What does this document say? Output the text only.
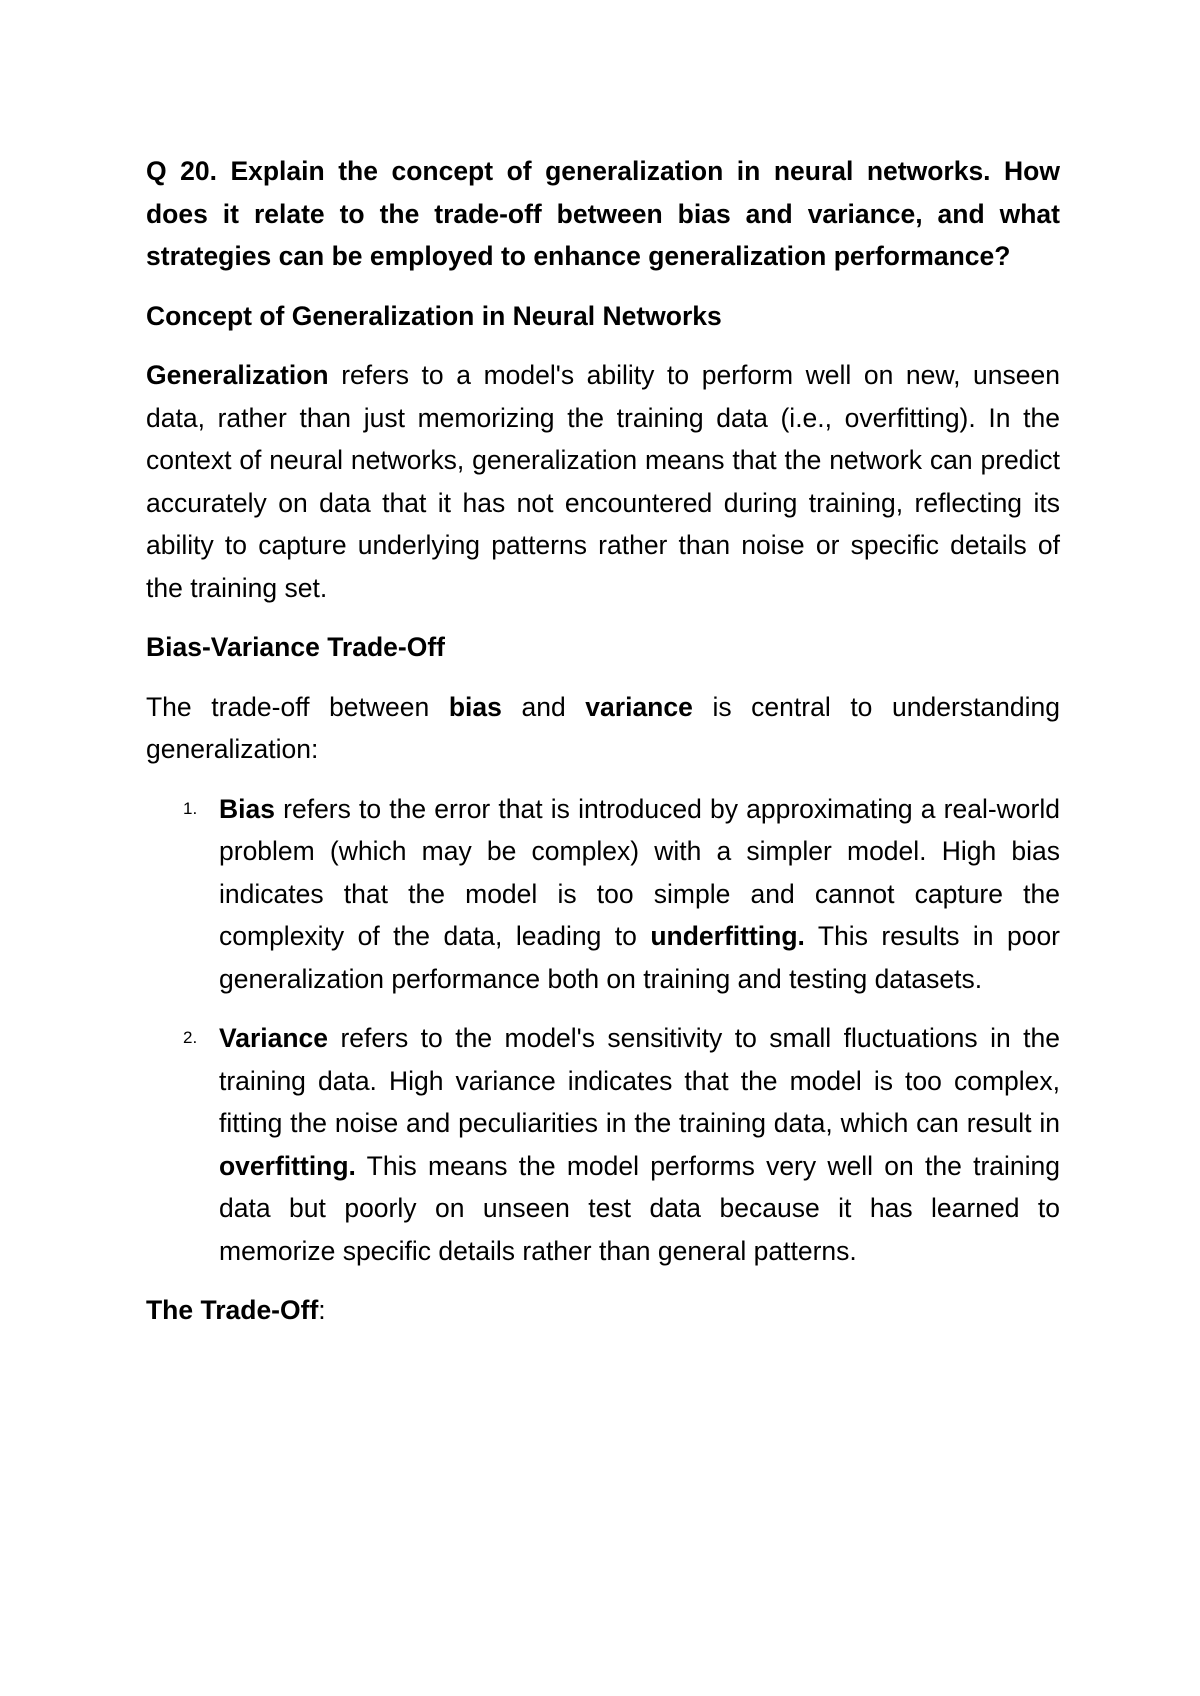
Q 20. Explain the concept of generalization in neural networks. How does it relate to the trade-off between bias and variance, and what strategies can be employed to enhance generalization performance?

Concept of Generalization in Neural Networks

Generalization refers to a model's ability to perform well on new, unseen data, rather than just memorizing the training data (i.e., overfitting). In the context of neural networks, generalization means that the network can predict accurately on data that it has not encountered during training, reflecting its ability to capture underlying patterns rather than noise or specific details of the training set.

Bias-Variance Trade-Off

The trade-off between bias and variance is central to understanding generalization:

1. Bias refers to the error that is introduced by approximating a real-world problem (which may be complex) with a simpler model. High bias indicates that the model is too simple and cannot capture the complexity of the data, leading to underfitting. This results in poor generalization performance both on training and testing datasets.
2. Variance refers to the model's sensitivity to small fluctuations in the training data. High variance indicates that the model is too complex, fitting the noise and peculiarities in the training data, which can result in overfitting. This means the model performs very well on the training data but poorly on unseen test data because it has learned to memorize specific details rather than general patterns.

The Trade-Off:
